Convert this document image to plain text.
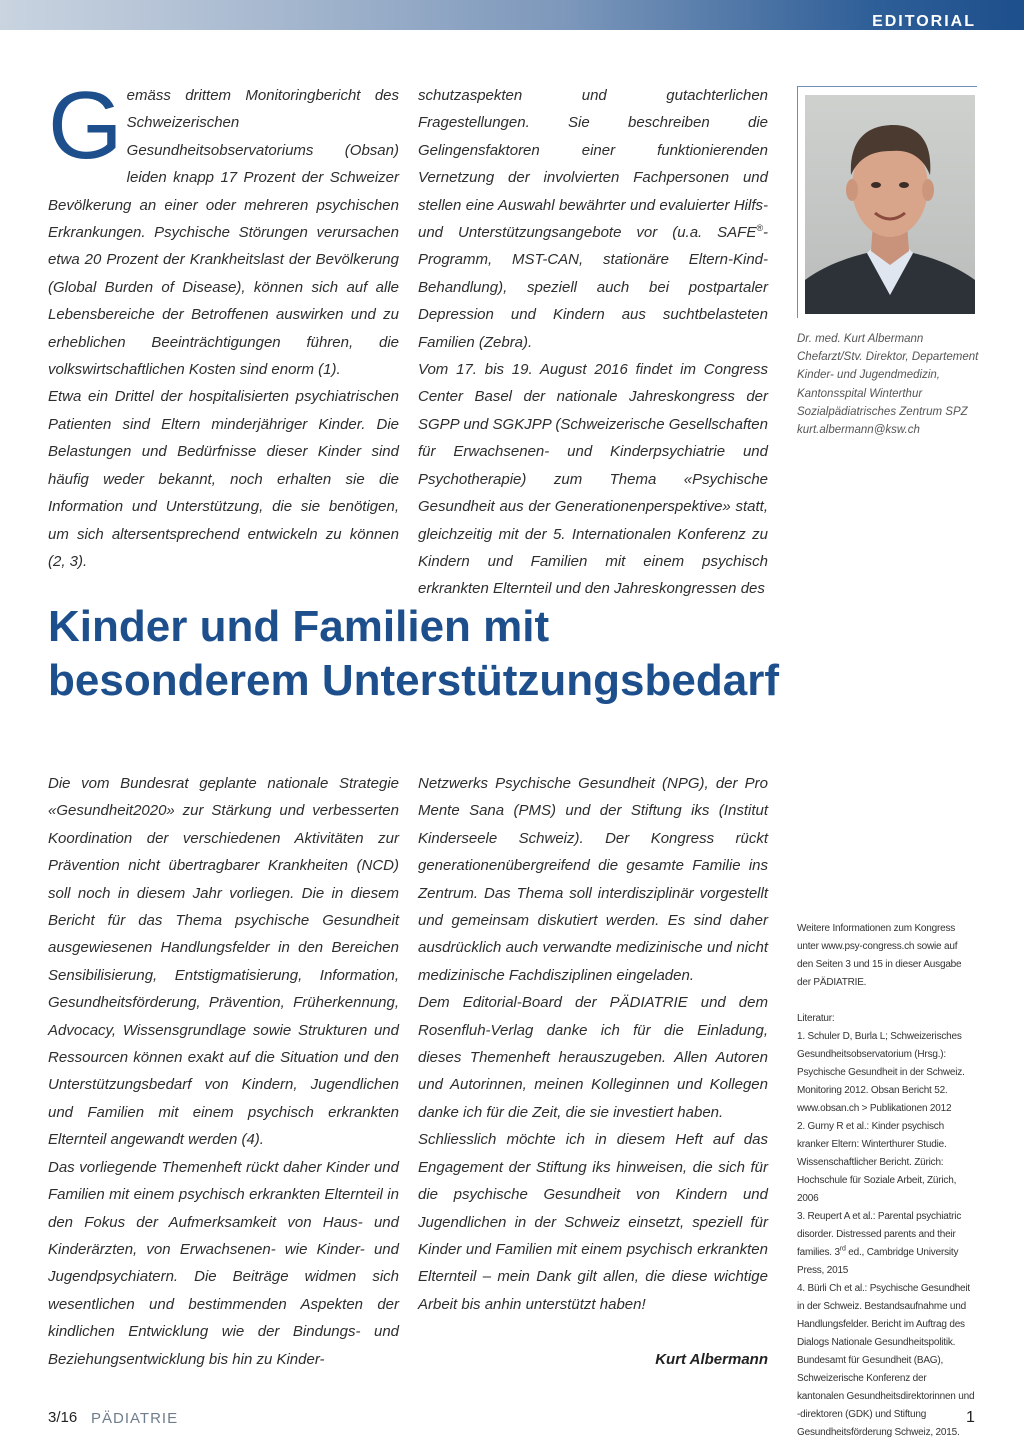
EDITORIAL
G emäss drittem Monitoringbericht des Schweizerischen Gesundheitsobservatoriums (Obsan) leiden knapp 17 Prozent der Schweizer Bevölkerung an einer oder mehreren psychischen Erkrankungen. Psychische Störungen verursachen etwa 20 Prozent der Krankheitslast der Bevölkerung (Global Burden of Disease), können sich auf alle Lebensbereiche der Betroffenen auswirken und zu erheblichen Beeinträchtigungen führen, die volkswirtschaftlichen Kosten sind enorm (1).

Etwa ein Drittel der hospitalisierten psychiatrischen Patienten sind Eltern minderjähriger Kinder. Die Belastungen und Bedürfnisse dieser Kinder sind häufig weder bekannt, noch erhalten sie die Information und Unterstützung, die sie benötigen, um sich altersentsprechend entwickeln zu können (2, 3).

schutzaspekten und gutachterlichen Fragestellungen. Sie beschreiben die Gelingensfaktoren einer funktionierenden Vernetzung der involvierten Fachpersonen und stellen eine Auswahl bewährter und evaluierter Hilfs- und Unterstützungsangebote vor (u.a. SAFE®-Programm, MST-CAN, stationäre Eltern-Kind-Behandlung), speziell auch bei postpartaler Depression und Kindern aus suchtbelasteten Familien (Zebra).

Vom 17. bis 19. August 2016 findet im Congress Center Basel der nationale Jahreskongress der SGPP und SGKJPP (Schweizerische Gesellschaften für Erwachsenen- und Kinderpsychiatrie und Psychotherapie) zum Thema «Psychische Gesundheit aus der Generationenperspektive» statt, gleichzeitig mit der 5. Internationalen Konferenz zu Kindern und Familien mit einem psychisch erkrankten Elternteil und den Jahreskongressen des

Dr. med. Kurt Albermann
Chefarzt/Stv. Direktor, Departement
Kinder- und Jugendmedizin,
Kantonsspital Winterthur
Sozialpädiatrisches Zentrum SPZ
kurt.albermann@ksw.ch
Kinder und Familien mit
besonderem Unterstützungsbedarf

Die vom Bundesrat geplante nationale Strategie «Gesundheit2020» zur Stärkung und verbesserten Koordination der verschiedenen Aktivitäten zur Prävention nicht übertragbarer Krankheiten (NCD) soll noch in diesem Jahr vorliegen. Die in diesem Bericht für das Thema psychische Gesundheit ausgewiesenen Handlungsfelder in den Bereichen Sensibilisierung, Entstigmatisierung, Information, Gesundheitsförderung, Prävention, Früherkennung, Advocacy, Wissensgrundlage sowie Strukturen und Ressourcen können exakt auf die Situation und den Unterstützungsbedarf von Kindern, Jugendlichen und Familien mit einem psychisch erkrankten Elternteil angewandt werden (4).

Das vorliegende Themenheft rückt daher Kinder und Familien mit einem psychisch erkrankten Elternteil in den Fokus der Aufmerksamkeit von Haus- und Kinderärzten, von Erwachsenen- wie Kinder- und Jugendpsychiatern. Die Beiträge widmen sich wesentlichen und bestimmenden Aspekten der kindlichen Entwicklung wie der Bindungs- und Beziehungsentwicklung bis hin zu Kinder-

Netzwerks Psychische Gesundheit (NPG), der Pro Mente Sana (PMS) und der Stiftung iks (Institut Kinderseele Schweiz). Der Kongress rückt generationenübergreifend die gesamte Familie ins Zentrum. Das Thema soll interdisziplinär vorgestellt und gemeinsam diskutiert werden. Es sind daher ausdrücklich auch verwandte medizinische und nicht medizinische Fachdisziplinen eingeladen.

Dem Editorial-Board der PÄDIATRIE und dem Rosenfluh-Verlag danke ich für die Einladung, dieses Themenheft herauszugeben. Allen Autoren und Autorinnen, meinen Kolleginnen und Kollegen danke ich für die Zeit, die sie investiert haben.

Schliesslich möchte ich in diesem Heft auf das Engagement der Stiftung iks hinweisen, die sich für die psychische Gesundheit von Kindern und Jugendlichen in der Schweiz einsetzt, speziell für Kinder und Familien mit einem psychisch erkrankten Elternteil – mein Dank gilt allen, die diese wichtige Arbeit bis anhin unterstützt haben!

Kurt Albermann

Weitere Informationen zum Kongress unter www.psy-congress.ch sowie auf den Seiten 3 und 15 in dieser Ausgabe der PÄDIATRIE.

Literatur:

1. Schuler D, Burla L; Schweizerisches Gesundheitsobservatorium (Hrsg.): Psychische Gesundheit in der Schweiz. Monitoring 2012. Obsan Bericht 52. www.obsan.ch > Publikationen 2012

2. Gurny R et al.: Kinder psychisch kranker Eltern: Winterthurer Studie. Wissenschaftlicher Bericht. Zürich: Hochschule für Soziale Arbeit, Zürich, 2006

3. Reupert A et al.: Parental psychiatric disorder. Distressed parents and their families. 3rd ed., Cambridge University Press, 2015

4. Bürli Ch et al.: Psychische Gesundheit in der Schweiz. Bestandsaufnahme und Handlungsfelder. Bericht im Auftrag des Dialogs Nationale Gesundheitspolitik. Bundesamt für Gesundheit (BAG), Schweizerische Konferenz der kantonalen Gesundheitsdirektorinnen und -direktoren (GDK) und Stiftung Gesundheitsförderung Schweiz, 2015.

3/16 PÄDIATRIE	1
